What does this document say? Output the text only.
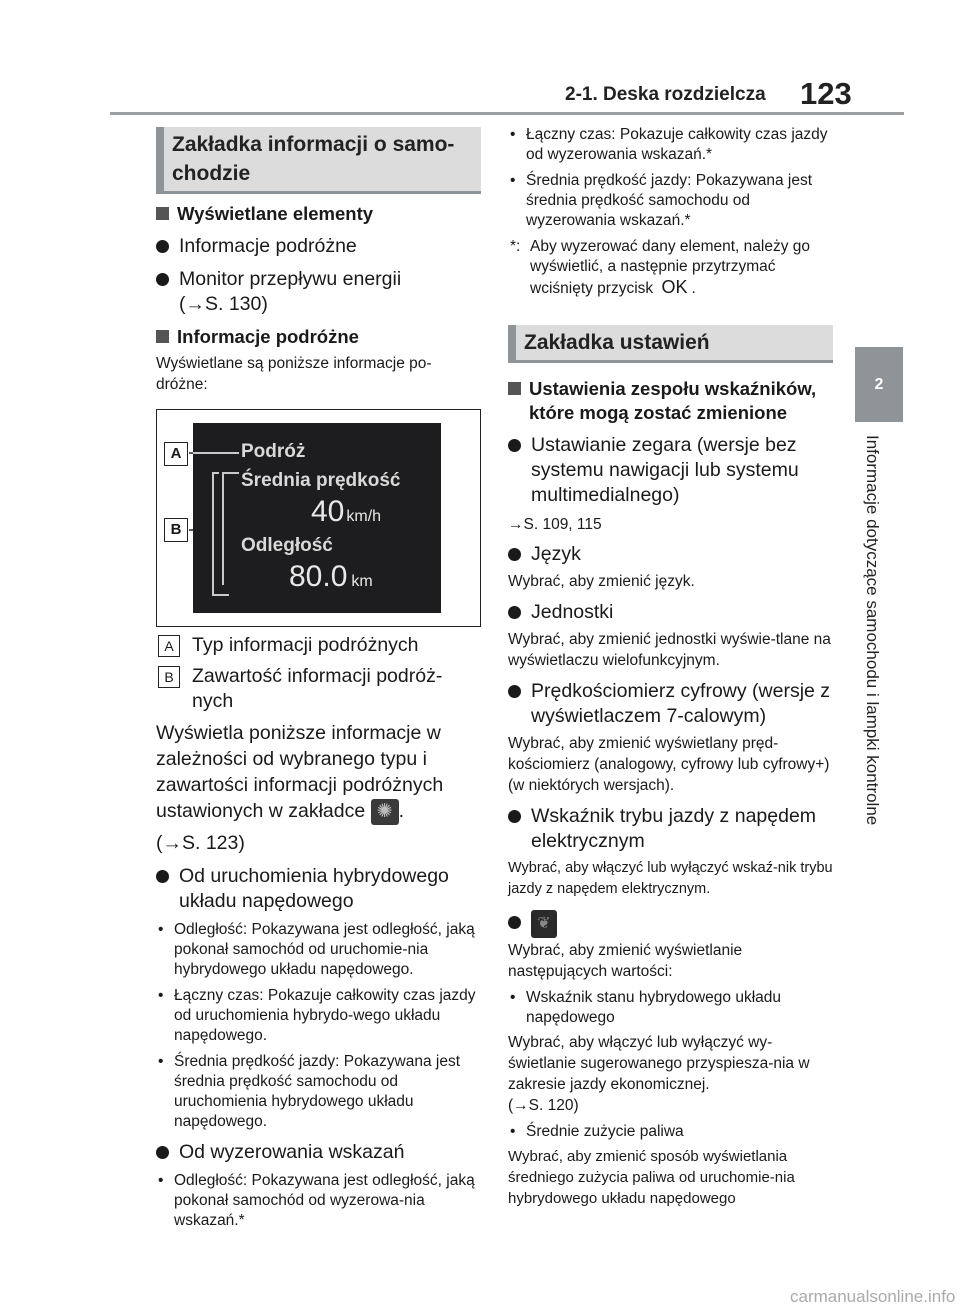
2-1. Deska rozdzielcza 123
2
Informacje dotyczące samochodu i lampki kontrolne
Zakładka informacji o samo-chodzie
Wyświetlane elementy
Informacje podróżne
Monitor przepływu energii
(→S. 130)
Informacje podróżne
Wyświetlane są poniższe informacje po-dróżne:
A
B
Podróż
Średnia prędkość
40 km/h
Odległość
80.0 km
A Typ informacji podróżnych
B Zawartość informacji podróż-nych
Wyświetla poniższe informacje w zależności od wybranego typu i zawartości informacji podróżnych ustawionych w zakładce ✺ .
(→S. 123)
Od uruchomienia hybrydowego układu napędowego
• Odległość: Pokazywana jest odległość, jaką pokonał samochód od uruchomie-nia hybrydowego układu napędowego.
• Łączny czas: Pokazuje całkowity czas jazdy od uruchomienia hybrydo-wego układu napędowego.
• Średnia prędkość jazdy: Pokazywana jest średnia prędkość samochodu od uruchomienia hybrydowego układu napędowego.
Od wyzerowania wskazań
• Odległość: Pokazywana jest odległość, jaką pokonał samochód od wyzerowa-nia wskazań.*
• Łączny czas: Pokazuje całkowity czas jazdy od wyzerowania wskazań.*
• Średnia prędkość jazdy: Pokazywana jest średnia prędkość samochodu od wyzerowania wskazań.*
*: Aby wyzerować dany element, należy go wyświetlić, a następnie przytrzymać wciśnięty przycisk OK .
Zakładka ustawień
Ustawienia zespołu wskaźników, które mogą zostać zmienione
Ustawianie zegara (wersje bez systemu nawigacji lub systemu multimedialnego)
→S. 109, 115
Język
Wybrać, aby zmienić język.
Jednostki
Wybrać, aby zmienić jednostki wyświe-tlane na wyświetlaczu wielofunkcyjnym.
Prędkościomierz cyfrowy (wersje z wyświetlaczem 7-calowym)
Wybrać, aby zmienić wyświetlany pręd-kościomierz (analogowy, cyfrowy lub cyfrowy+) (w niektórych wersjach).
Wskaźnik trybu jazdy z napędem elektrycznym
Wybrać, aby włączyć lub wyłączyć wskaź-nik trybu jazdy z napędem elektrycznym.
❦
Wybrać, aby zmienić wyświetlanie następujących wartości:
• Wskaźnik stanu hybrydowego układu napędowego
Wybrać, aby włączyć lub wyłączyć wy-świetlanie sugerowanego przyspiesza-nia w zakresie jazdy ekonomicznej.
(→S. 120)
• Średnie zużycie paliwa
Wybrać, aby zmienić sposób wyświetlania średniego zużycia paliwa od uruchomie-nia hybrydowego układu napędowego
carmanualsonline.info
